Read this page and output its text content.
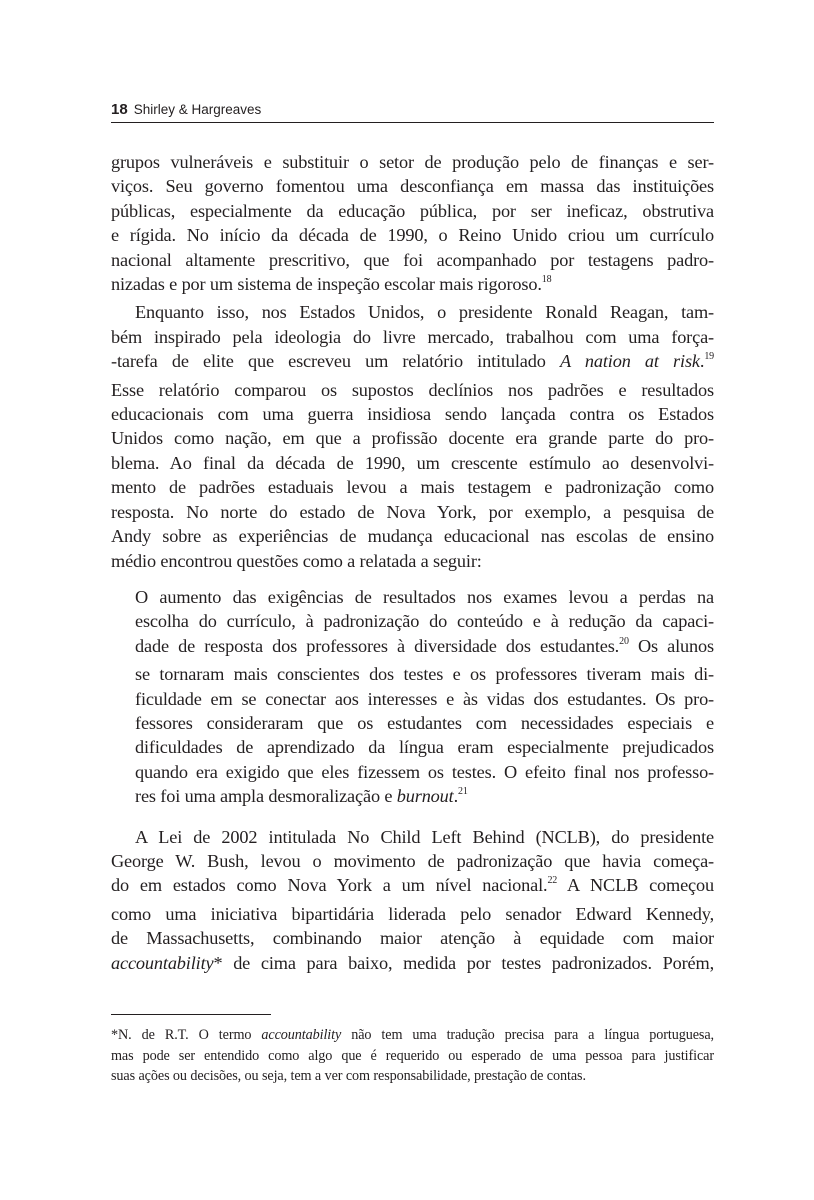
18 Shirley & Hargreaves
grupos vulneráveis e substituir o setor de produção pelo de finanças e ser-
viços. Seu governo fomentou uma desconfiança em massa das instituições
públicas, especialmente da educação pública, por ser ineficaz, obstrutiva
e rígida. No início da década de 1990, o Reino Unido criou um currículo
nacional altamente prescritivo, que foi acompanhado por testagens padro-
nizadas e por um sistema de inspeção escolar mais rigoroso.$^{18}$
Enquanto isso, nos Estados Unidos, o presidente Ronald Reagan, tam-
bém inspirado pela ideologia do livre mercado, trabalhou com uma força-
-tarefa de elite que escreveu um relatório intitulado A nation at risk.$^{19}$
Esse relatório comparou os supostos declínios nos padrões e resultados
educacionais com uma guerra insidiosa sendo lançada contra os Estados
Unidos como nação, em que a profissão docente era grande parte do pro-
blema. Ao final da década de 1990, um crescente estímulo ao desenvolvi-
mento de padrões estaduais levou a mais testagem e padronização como
resposta. No norte do estado de Nova York, por exemplo, a pesquisa de
Andy sobre as experiências de mudança educacional nas escolas de ensino
médio encontrou questões como a relatada a seguir:
O aumento das exigências de resultados nos exames levou a perdas na
escolha do currículo, à padronização do conteúdo e à redução da capaci-
dade de resposta dos professores à diversidade dos estudantes.$^{20}$ Os alunos
se tornaram mais conscientes dos testes e os professores tiveram mais di-
ficuldade em se conectar aos interesses e às vidas dos estudantes. Os pro-
fessores consideraram que os estudantes com necessidades especiais e
dificuldades de aprendizado da língua eram especialmente prejudicados
quando era exigido que eles fizessem os testes. O efeito final nos professo-
res foi uma ampla desmoralização e burnout.$^{21}$
A Lei de 2002 intitulada No Child Left Behind (NCLB), do presidente
George W. Bush, levou o movimento de padronização que havia começa-
do em estados como Nova York a um nível nacional.$^{22}$ A NCLB começou
como uma iniciativa bipartidária liderada pelo senador Edward Kennedy,
de Massachusetts, combinando maior atenção à equidade com maior
accountability* de cima para baixo, medida por testes padronizados. Porém,
*N. de R.T. O termo accountability não tem uma tradução precisa para a língua portuguesa,
mas pode ser entendido como algo que é requerido ou esperado de uma pessoa para justificar
suas ações ou decisões, ou seja, tem a ver com responsabilidade, prestação de contas.
